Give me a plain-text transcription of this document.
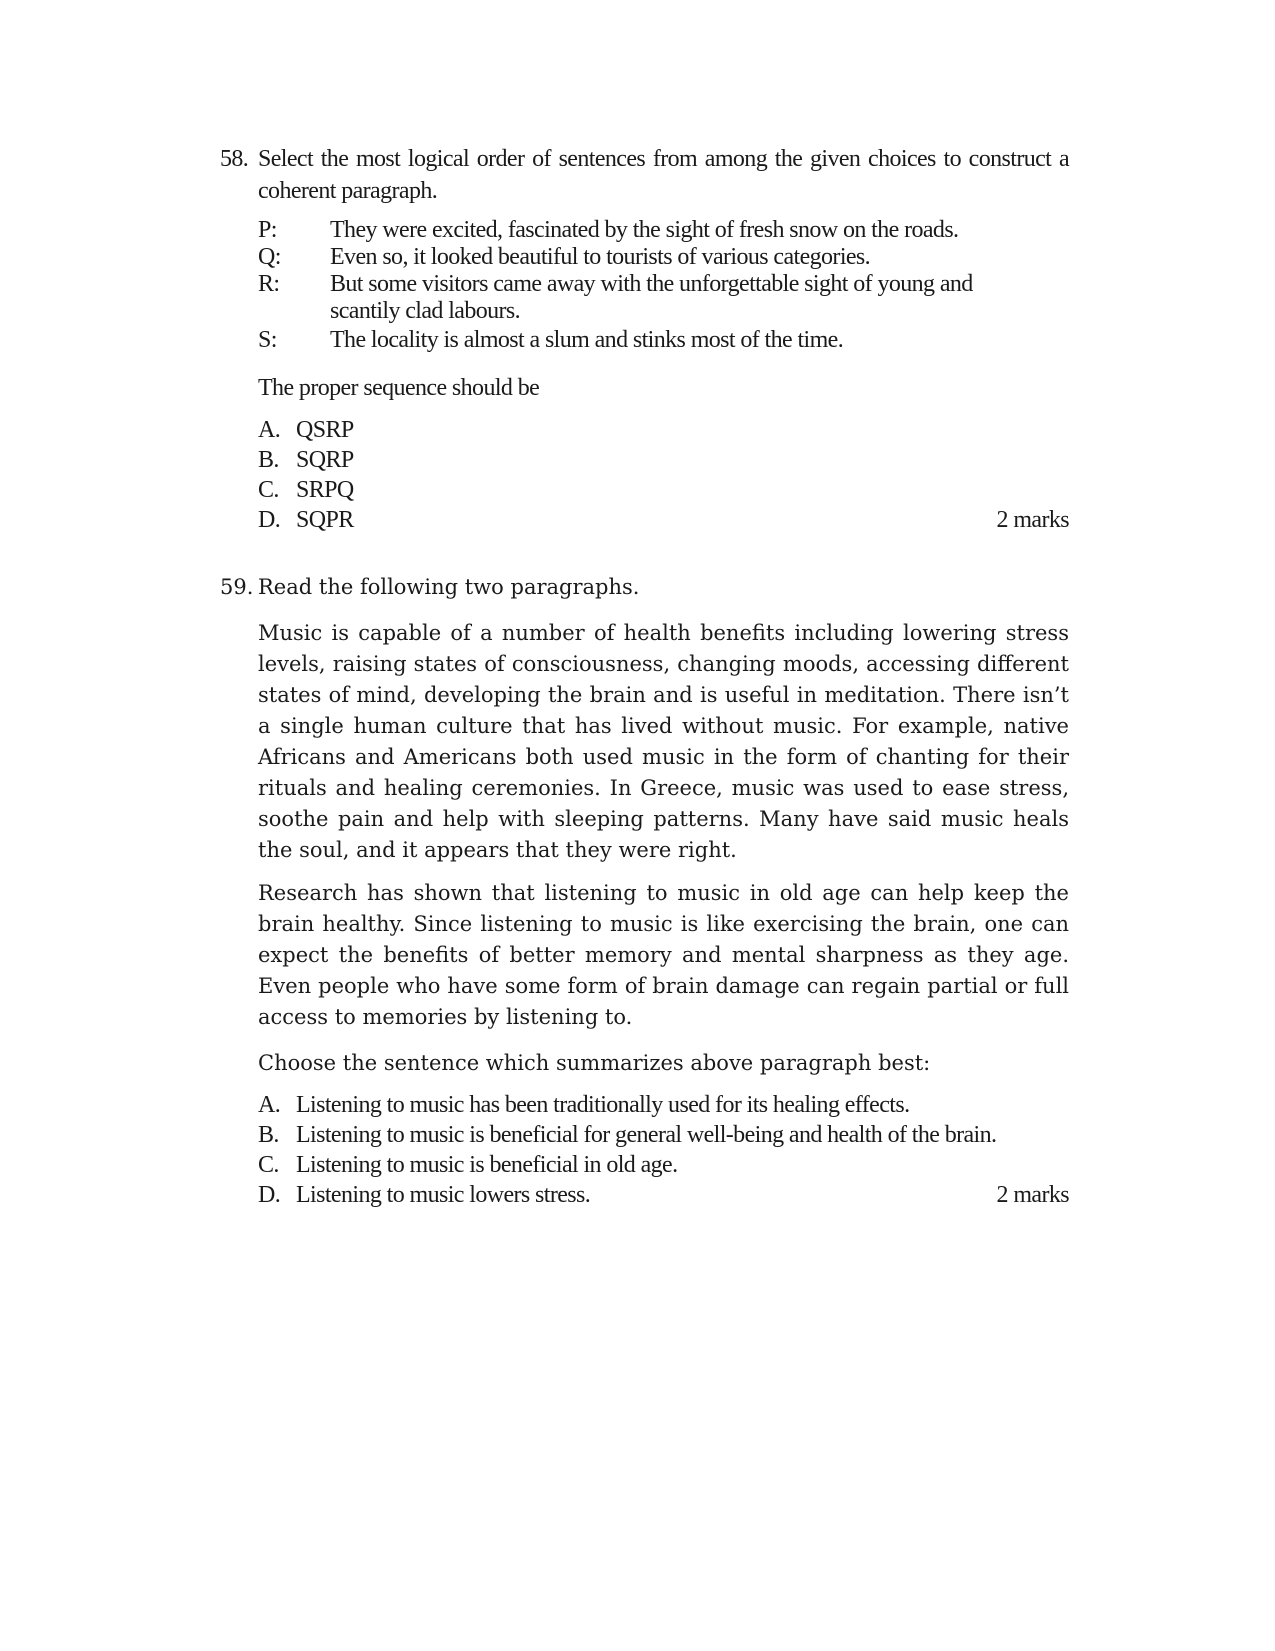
58. Select the most logical order of sentences from among the given choices to construct a coherent paragraph.
P:	They were excited, fascinated by the sight of fresh snow on the roads.
Q:	Even so, it looked beautiful to tourists of various categories.
R:	But some visitors came away with the unforgettable sight of young and scantily clad labours.
S:	The locality is almost a slum and stinks most of the time.
The proper sequence should be
A. QSRP
B. SQRP
C. SRPQ
D. SQPR	2 marks
59. Read the following two paragraphs.
Music is capable of a number of health benefits including lowering stress levels, raising states of consciousness, changing moods, accessing different states of mind, developing the brain and is useful in meditation. There isn’t a single human culture that has lived without music. For example, native Africans and Americans both used music in the form of chanting for their rituals and healing ceremonies. In Greece, music was used to ease stress, soothe pain and help with sleeping patterns. Many have said music heals the soul, and it appears that they were right.
Research has shown that listening to music in old age can help keep the brain healthy. Since listening to music is like exercising the brain, one can expect the benefits of better memory and mental sharpness as they age. Even people who have some form of brain damage can regain partial or full access to memories by listening to.
Choose the sentence which summarizes above paragraph best:
A. Listening to music has been traditionally used for its healing effects.
B. Listening to music is beneficial for general well-being and health of the brain.
C. Listening to music is beneficial in old age.
D. Listening to music lowers stress.	2 marks
